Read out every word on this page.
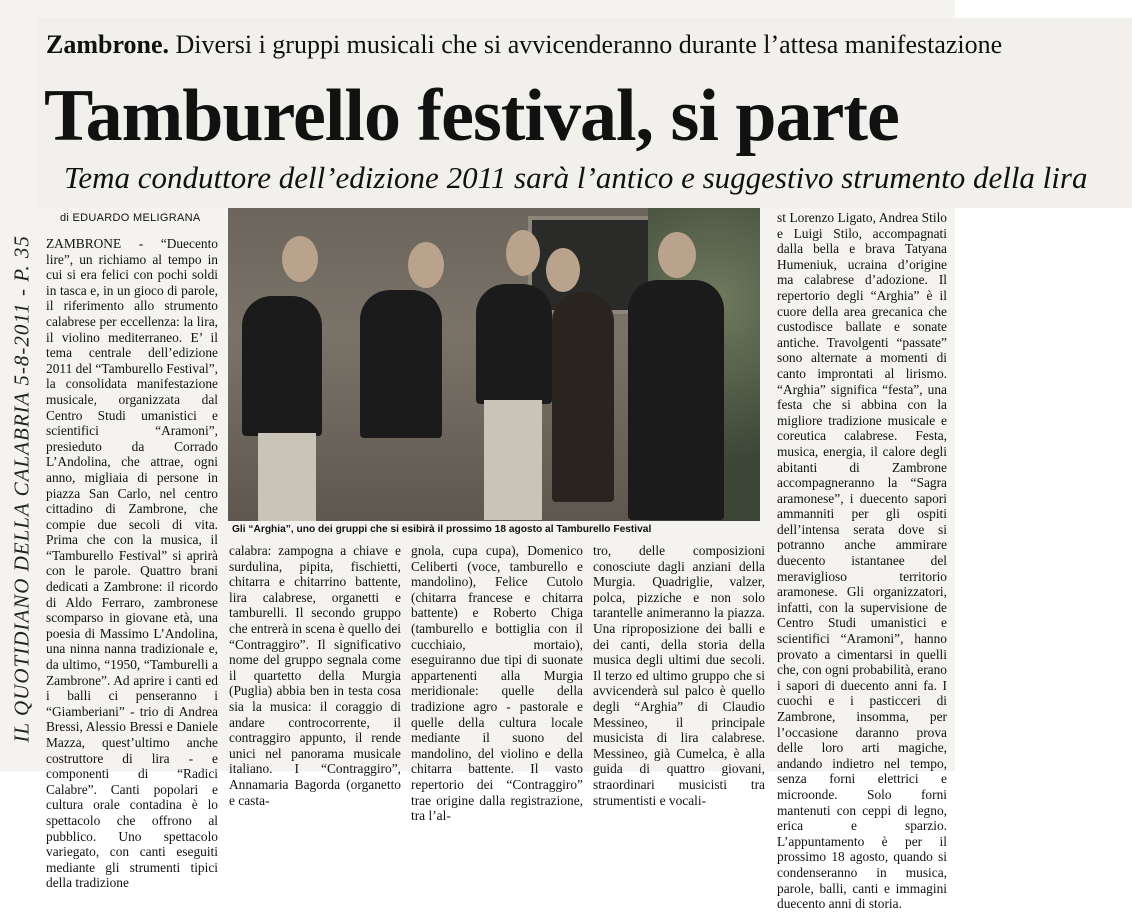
Zambrone. Diversi i gruppi musicali che si avvicenderanno durante l’attesa manifestazione
Tamburello festival, si parte
Tema conduttore dell’edizione 2011 sarà l’antico e suggestivo strumento della lira
di EDUARDO MELIGRANA
IL QUOTIDIANO DELLA CALABRIA 5-8-2011 - P. 35 ZAMBRONE - “Duecento lire”, un richiamo al tempo in cui si era felici con pochi soldi in tasca e, in un gioco di parole, il riferimento allo strumento calabrese per eccellenza: la lira, il violino mediterraneo. E’ il tema centrale dell’edizione 2011 del “Tamburello Festival”, la consolidata manifestazione musicale, organizzata dal Centro Studi umanistici e scientifici “Aramoni”, presieduto da Corrado L’Andolina, che attrae, ogni anno, migliaia di persone in piazza San Carlo, nel centro cittadino di Zambrone, che compie due secoli di vita. Prima che con la musica, il “Tamburello Festival” si aprirà con le parole. Quattro brani dedicati a Zambrone: il ricordo di Aldo Ferraro, zambronese scomparso in giovane età, una poesia di Massimo L’Andolina, una ninna nanna tradizionale e, da ultimo, “1950, “Tamburelli a Zambrone”. Ad aprire i canti ed i balli ci penseranno i “Giamberiani” - trio di Andrea Bressi, Alessio Bressi e Daniele Mazza, quest’ultimo anche costruttore di lira - e componenti di “Radici Calabre”. Canti popolari e cultura orale contadina è lo spettacolo che offrono al pubblico. Uno spettacolo variegato, con canti eseguiti mediante gli strumenti tipici della tradizione

Gli “Arghia”, uno dei gruppi che si esibirà il prossimo 18 agosto al Tamburello Festival

calabra: zampogna a chiave e surdulina, pipita, fischietti, chitarra e chitarrino battente, lira calabrese, organetti e tamburelli. Il secondo gruppo che entrerà in scena è quello dei “Contraggiro”. Il significativo nome del gruppo segnala come il quartetto della Murgia (Puglia) abbia ben in testa cosa sia la musica: il coraggio di andare controcorrente, il contraggiro appunto, il rende unici nel panorama musicale italiano. I “Contraggiro”, Annamaria Bagorda (organetto e casta-

gnola, cupa cupa), Domenico Celiberti (voce, tamburello e mandolino), Felice Cutolo (chitarra francese e chitarra battente) e Roberto Chiga (tamburello e bottiglia con il cucchiaio, mortaio), eseguiranno due tipi di suonate appartenenti alla Murgia meridionale: quelle della tradizione agro - pastorale e quelle della cultura locale mediante il suono del mandolino, del violino e della chitarra battente. Il vasto repertorio dei “Contraggiro” trae origine dalla registrazione, tra l’al-

tro, delle composizioni conosciute dagli anziani della Murgia. Quadriglie, valzer, polca, pizziche e non solo tarantelle animeranno la piazza. Una riproposizione dei balli e dei canti, della storia della musica degli ultimi due secoli. Il terzo ed ultimo gruppo che si avvicenderà sul palco è quello degli “Arghia” di Claudio Messineo, il principale musicista di lira calabrese. Messineo, già Cumelca, è alla guida di quattro giovani, straordinari musicisti tra strumentisti e vocali-

st Lorenzo Ligato, Andrea Stilo e Luigi Stilo, accompagnati dalla bella e brava Tatyana Humeniuk, ucraina d’origine ma calabrese d’adozione. Il repertorio degli “Arghia” è il cuore della area grecanica che custodisce ballate e sonate antiche. Travolgenti “passate” sono alternate a momenti di canto improntati al lirismo. “Arghia” significa “festa”, una festa che si abbina con la migliore tradizione musicale e coreutica calabrese. Festa, musica, energia, il calore degli abitanti di Zambrone accompagneranno la “Sagra aramonese”, i duecento sapori ammanniti per gli ospiti dell’intensa serata dove si potranno anche ammirare duecento istantanee del meraviglioso territorio aramonese. Gli organizzatori, infatti, con la supervisione de Centro Studi umanistici e scientifici “Aramoni”, hanno provato a cimentarsi in quelli che, con ogni probabilità, erano i sapori di duecento anni fa. I cuochi e i pasticceri di Zambrone, insomma, per l’occasione daranno prova delle loro arti magiche, andando indietro nel tempo, senza forni elettrici e microonde. Solo forni mantenuti con ceppi di legno, erica e sparzio. L’appuntamento è per il prossimo 18 agosto, quando si condenseranno in musica, parole, balli, canti e immagini duecento anni di storia.
